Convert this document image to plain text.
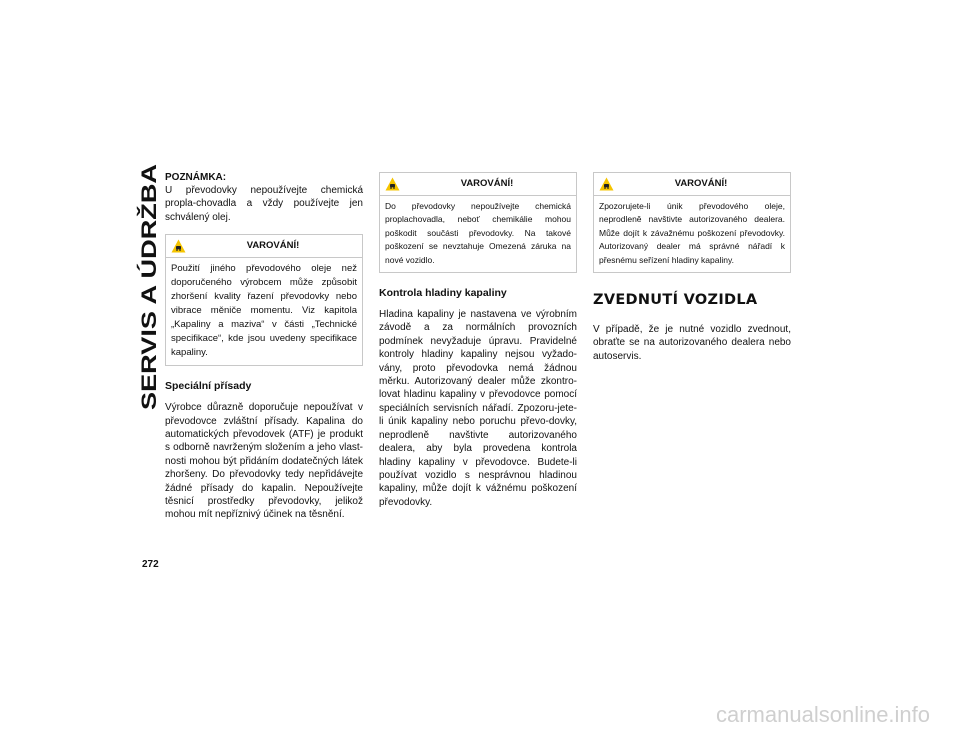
SERVIS A ÚDRŽBA

272

POZNÁMKA:

U převodovky nepoužívejte chemická propla-chovadla a vždy používejte jen schválený olej.

VAROVÁNÍ!

Použití jiného převodového oleje než doporučeného výrobcem může způsobit zhoršení kvality řazení převodovky nebo vibrace měniče momentu. Viz kapitola „Kapaliny a maziva“ v části „Technické specifikace“, kde jsou uvedeny specifikace kapaliny.

Speciální přísady

Výrobce důrazně doporučuje nepoužívat v převodovce zvláštní přísady. Kapalina do automatických převodovek (ATF) je produkt s odborně navrženým složením a jeho vlast-nosti mohou být přidáním dodatečných látek zhoršeny. Do převodovky tedy nepřidávejte žádné přísady do kapalin. Nepoužívejte těsnicí prostředky převodovky, jelikož mohou mít nepříznivý účinek na těsnění.

VAROVÁNÍ!

Do převodovky nepoužívejte chemická proplachovadla, neboť chemikálie mohou poškodit součásti převodovky. Na takové poškození se nevztahuje Omezená záruka na nové vozidlo.

Kontrola hladiny kapaliny

Hladina kapaliny je nastavena ve výrobním závodě a za normálních provozních podmínek nevyžaduje úpravu. Pravidelné kontroly hladiny kapaliny nejsou vyžado-vány, proto převodovka nemá žádnou měrku. Autorizovaný dealer může zkontro-lovat hladinu kapaliny v převodovce pomocí speciálních servisních nářadí. Zpozoru-jete-li únik kapaliny nebo poruchu převo-dovky, neprodleně navštivte autorizovaného dealera, aby byla provedena kontrola hladiny kapaliny v převodovce. Budete-li používat vozidlo s nesprávnou hladinou kapaliny, může dojít k vážnému poškození převodovky.

VAROVÁNÍ!

Zpozorujete-li únik převodového oleje, neprodleně navštivte autorizovaného dealera. Může dojít k závažnému poškození převodovky. Autorizovaný dealer má správné nářadí k přesnému seřízení hladiny kapaliny.

ZVEDNUTÍ VOZIDLA

V případě, že je nutné vozidlo zvednout, obraťte se na autorizovaného dealera nebo autoservis.

carmanualsonline.info
